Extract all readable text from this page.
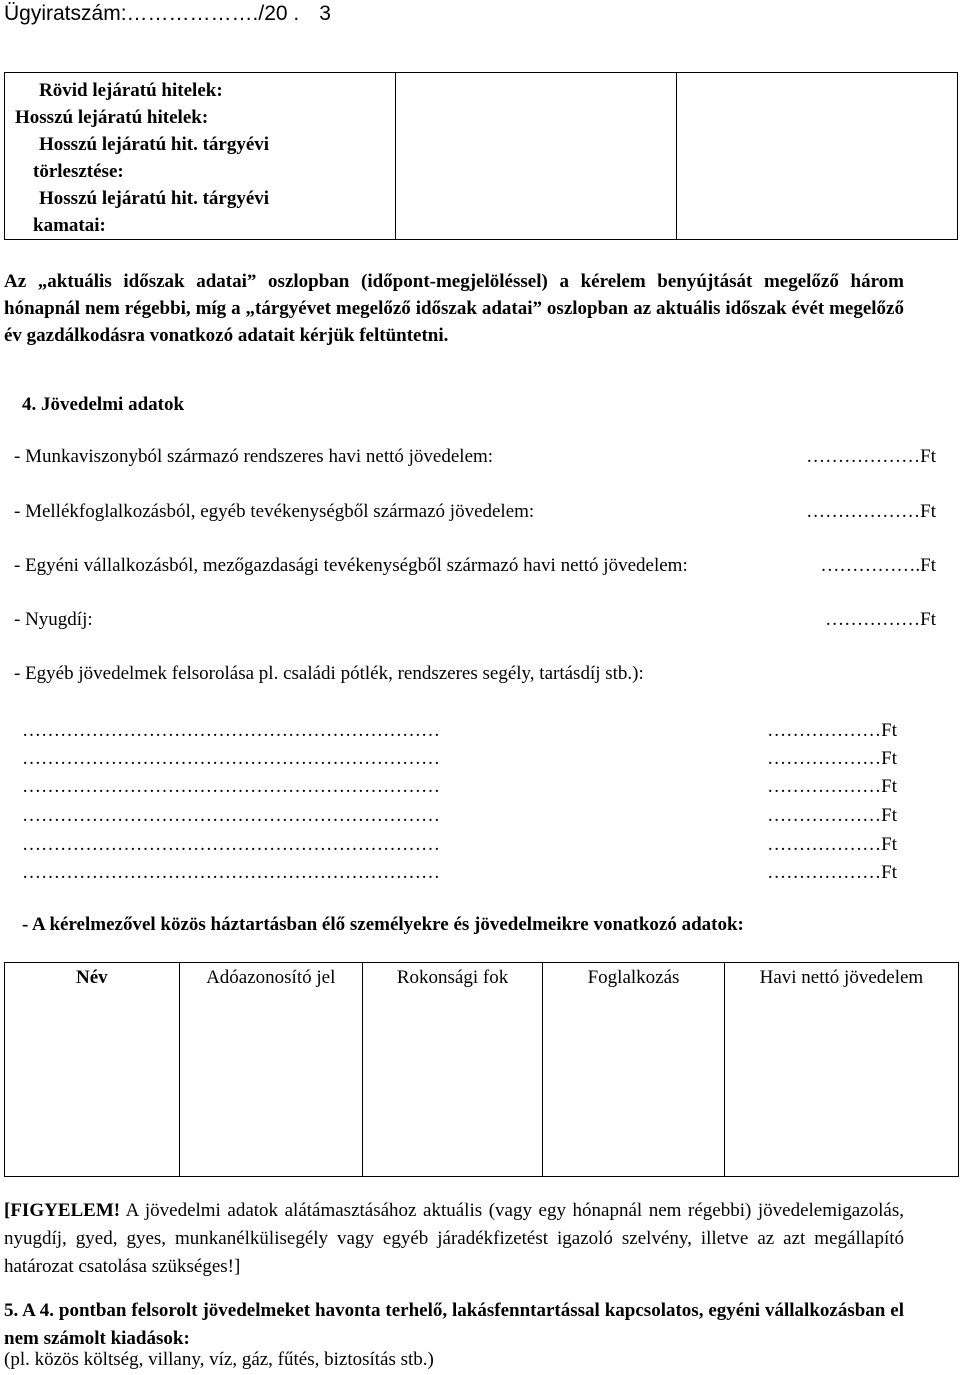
Ügyiratszám:………………./20 . 3
Rövid lejáratú hitelek:
Hosszú lejáratú hitelek:
Hosszú lejáratú hit. tárgyévi
törlesztése:
Hosszú lejáratú hit. tárgyévi
kamatai:

Az „aktuális időszak adatai” oszlopban (időpont-megjelöléssel) a kérelem benyújtását megelőző három hónapnál nem régebbi, míg a „tárgyévet megelőző időszak adatai” oszlopban az aktuális időszak évét megelőző év gazdálkodásra vonatkozó adatait kérjük feltüntetni.
4. Jövedelmi adatok
- Munkaviszonyból származó rendszeres havi nettó jövedelem:	………………Ft
- Mellékfoglalkozásból, egyéb tevékenységből származó jövedelem:	………………Ft
- Egyéni vállalkozásból, mezőgazdasági tevékenységből származó havi nettó jövedelem:	…………….Ft
- Nyugdíj:	……………Ft
- Egyéb jövedelmek felsorolása pl. családi pótlék, rendszeres segély, tartásdíj stb.):
…………………………………………………………	………………Ft
…………………………………………………………	………………Ft
…………………………………………………………	………………Ft
…………………………………………………………	………………Ft
…………………………………………………………	………………Ft
…………………………………………………………	………………Ft
- A kérelmezővel közös háztartásban élő személyekre és jövedelmeikre vonatkozó adatok:
Név	Adóazonosító jel	Rokonsági fok	Foglalkozás	Havi nettó jövedelem
[FIGYELEM! A jövedelmi adatok alátámasztásához aktuális (vagy egy hónapnál nem régebbi) jövedelemigazolás, nyugdíj, gyed, gyes, munkanélkülisegély vagy egyéb járadékfizetést igazoló szelvény, illetve az azt megállapító határozat csatolása szükséges!]
5. A 4. pontban felsorolt jövedelmeket havonta terhelő, lakásfenntartással kapcsolatos, egyéni vállalkozásban el nem számolt kiadások:
(pl. közös költség, villany, víz, gáz, fűtés, biztosítás stb.)
